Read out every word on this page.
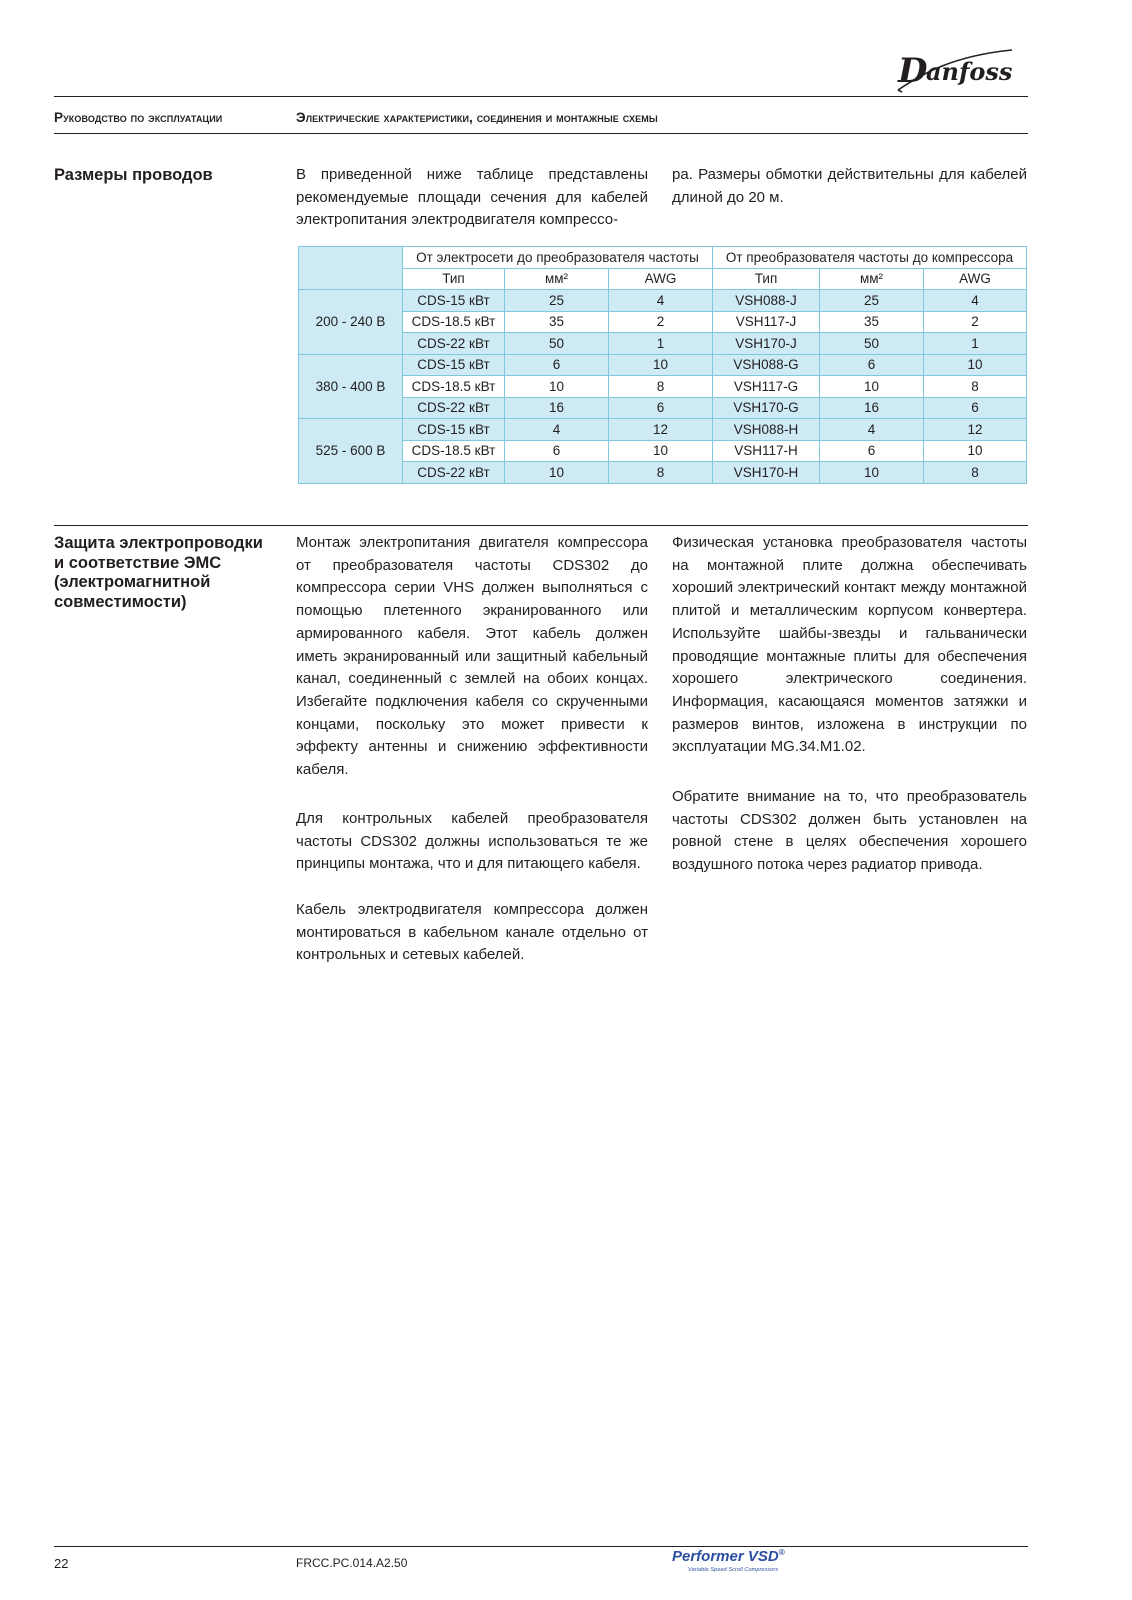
D
anfoss
Руководство по эксплуатации	Электрические характеристики, соединения и монтажные схемы
Размеры проводов	В приведенной ниже таблице представлены рекомендуемые площади сечения для кабелей электропитания электродвигателя компрессо-

ра. Размеры обмотки действительны для кабелей длиной до 20 м.

	От электросети до преобразователя частоты			От преобразователя частоты до компрессора		
	Тип	мм²	AWG	Тип	мм²	AWG
200 - 240 В	CDS-15 кВт	25	4	VSH088-J	25	4
	CDS-18.5 кВт	35	2	VSH117-J	35	2
	CDS-22 кВт	50	1	VSH170-J	50	1
380 - 400 В	CDS-15 кВт	6	10	VSH088-G	6	10
	CDS-18.5 кВт	10	8	VSH117-G	10	8
	CDS-22 кВт	16	6	VSH170-G	16	6
525 - 600 В	CDS-15 кВт	4	12	VSH088-H	4	12
	CDS-18.5 кВт	6	10	VSH117-H	6	10
	CDS-22 кВт	10	8	VSH170-H	10	8
Защита электропроводки и соответствие ЭМС (электромагнитной совместимости)

Монтаж электропитания двигателя компрессора от преобразователя частоты CDS302 до компрессора серии VHS должен выполняться с помощью плетенного экранированного или армированного кабеля. Этот кабель должен иметь экранированный или защитный кабельный канал, соединенный с землей на обоих концах. Избегайте подключения кабеля со скрученными концами, поскольку это может привести к эффекту антенны и снижению эффективности кабеля.

Для контрольных кабелей преобразователя частоты CDS302 должны использоваться те же принципы монтажа, что и для питающего кабеля.

Кабель электродвигателя компрессора должен монтироваться в кабельном канале отдельно от контрольных и сетевых кабелей.

Физическая установка преобразователя частоты на монтажной плите должна обеспечивать хороший электрический контакт между монтажной плитой и металлическим корпусом конвертера. Используйте шайбы-звезды и гальванически проводящие монтажные плиты для обеспечения хорошего электрического соединения. Информация, касающаяся моментов затяжки и размеров винтов, изложена в инструкции по эксплуатации MG.34.M1.02.

Обратите внимание на то, что преобразователь частоты CDS302 должен быть установлен на ровной стене в целях обеспечения хорошего воздушного потока через радиатор привода.

22	FRCC.PC.014.A2.50	Performer VSD®
Variable Speed Scroll Compressors
